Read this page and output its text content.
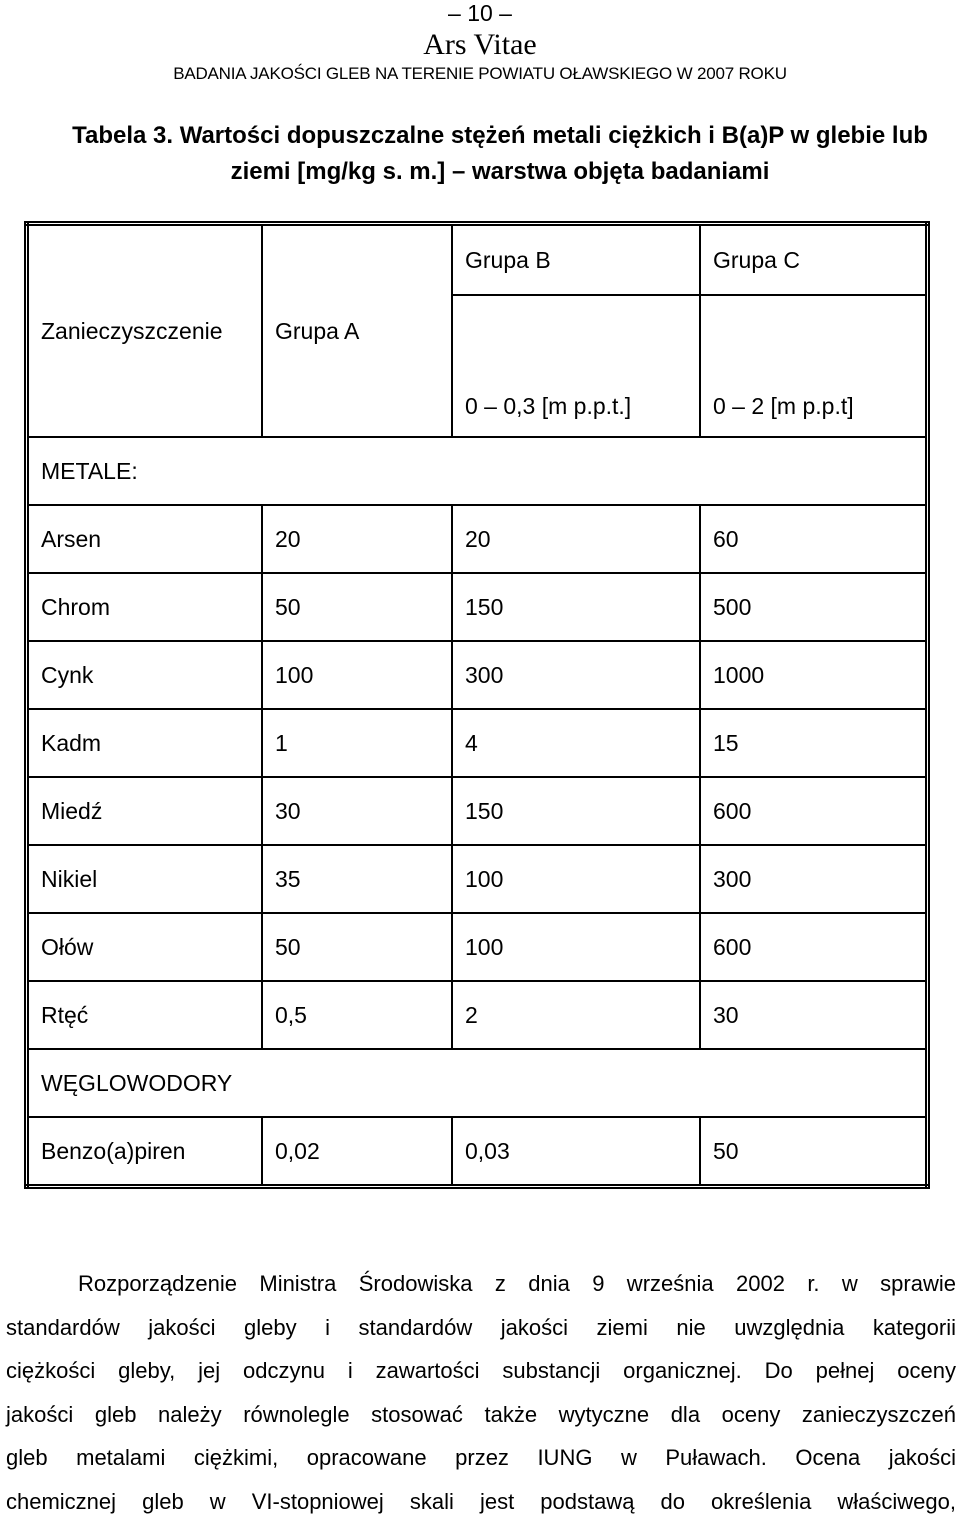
– 10 –
Ars Vitae
BADANIA JAKOŚCI GLEB NA TERENIE POWIATU OŁAWSKIEGO W 2007 ROKU
Tabela 3. Wartości dopuszczalne stężeń metali ciężkich i B(a)P w glebie lub
ziemi [mg/kg s. m.] – warstwa objęta badaniami
Zanieczyszczenie	Grupa A	Grupa B	Grupa C
		0 – 0,3 [m p.p.t.]	0 – 2 [m p.p.t]
METALE:			
Arsen	20	20	60
Chrom	50	150	500
Cynk	100	300	1000
Kadm	1	4	15
Miedź	30	150	600
Nikiel	35	100	300
Ołów	50	100	600
Rtęć	0,5	2	30
WĘGLOWODORY			
Benzo(a)piren	0,02	0,03	50
Rozporządzenie Ministra Środowiska z dnia 9 września 2002 r. w sprawie
standardów jakości gleby i standardów jakości ziemi nie uwzględnia kategorii
ciężkości gleby, jej odczynu i zawartości substancji organicznej. Do pełnej oceny
jakości gleb należy równolegle stosować także wytyczne dla oceny zanieczyszczeń
gleb metalami ciężkimi, opracowane przez IUNG w Puławach. Ocena jakości
chemicznej gleb w VI-stopniowej skali jest podstawą do określenia właściwego,
